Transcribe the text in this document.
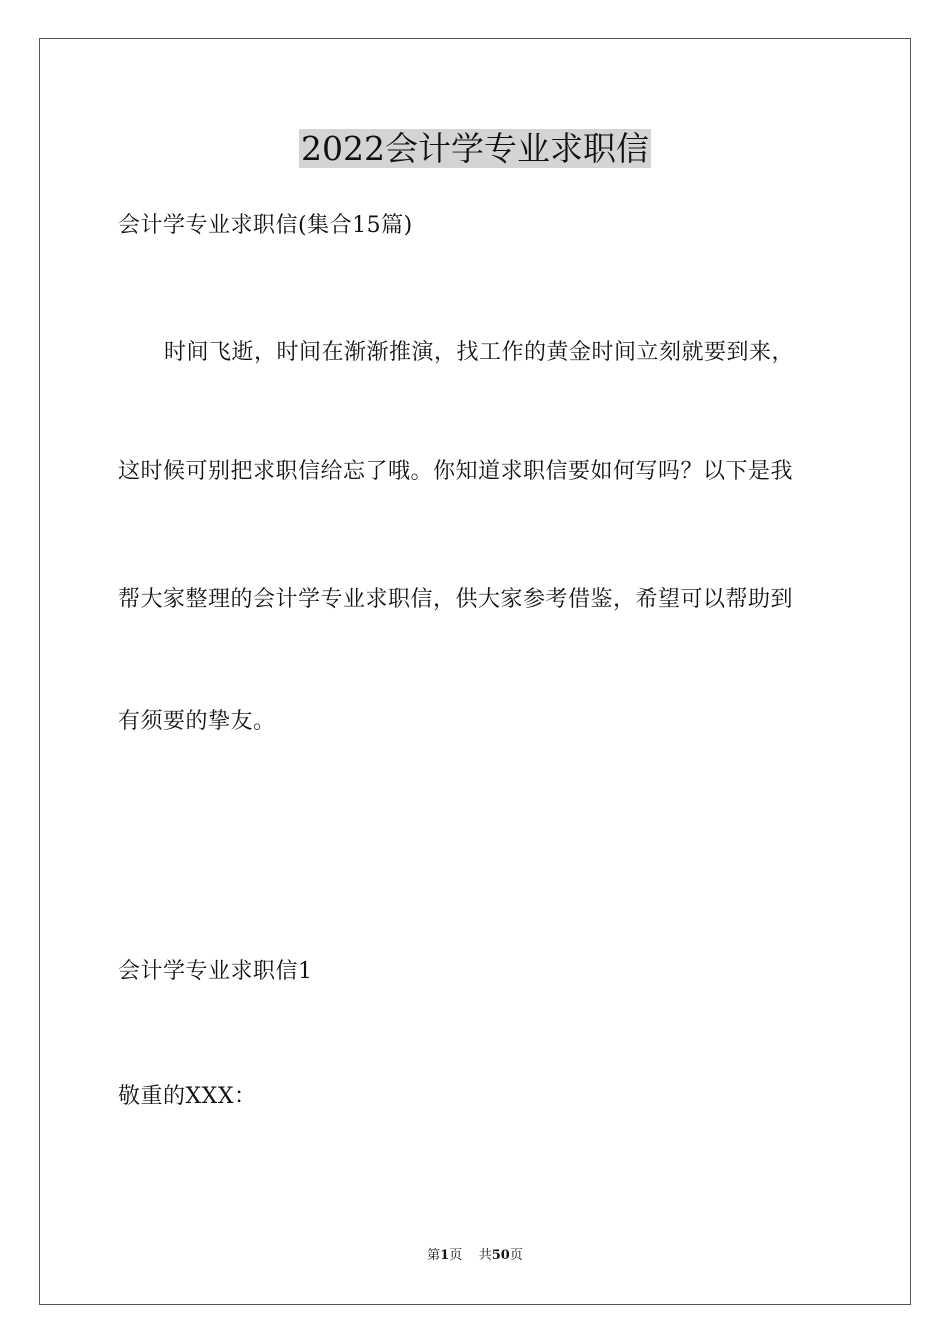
2022会计学专业求职信
会计学专业求职信(集合15篇)
时间飞逝，时间在渐渐推演，找工作的黄金时间立刻就要到来，
这时候可别把求职信给忘了哦。你知道求职信要如何写吗？以下是我
帮大家整理的会计学专业求职信，供大家参考借鉴，希望可以帮助到
有须要的挚友。
会计学专业求职信1
敬重的XXX：
第1页 共50页
